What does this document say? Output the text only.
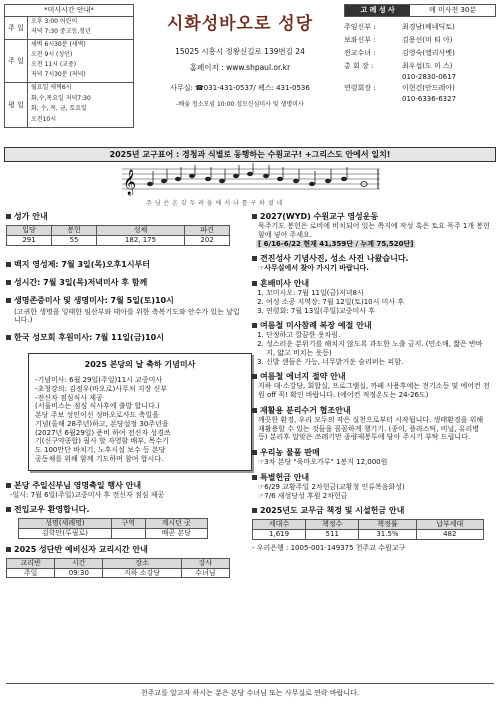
*미사시간 안내*
주 일
오후 3:00 어린이
저녁 7:30 중고등,청년
주 일
새벽 6시30분 (새벽)
오전 9시 (성인)
오전 11시 (교중)
저녁 7시30분 (저녁)
평 일
월요일 새벽6시
화,수,목요일 저녁7:30
화, 수, 목, 금, 토요일
오전10시
시화성바오로 성당
15025 시흥시 정왕신길로 139번길 24
홈페이지 : www.shpaul.or.kr
사무실: ☎031-431-0537/ 팩스: 431-0536
-배움 청소모임 10:00 성모신심미사 및 생명미사
고 례 성 사	매 미사전 30분
주임신부 :	최경남(베네딕토)
보좌신부 :	김용선(미 티 아)
전교수녀 :	김영숙(엘리사벳)
총 회 장 :	최우섭(도 미 스)
010-2830-0617
연령회장 :	이현건(안드레아)
010-6336-6327
2025년 교구표어 : 경청과 식별로 동행하는 수원교구! +그리스도 안에서 일치!
𝄞
주 님 은 온 갖 두 려 움 에 서 나 를 구 하 셨 네
성가 안내
입당	봉헌	성체	파견
291	55	182, 175	202
백지 영성제: 7월 3일(목)오후1시부터
성시간: 7월 3일(목)저녁미사 후 함께
생명존중미사 및 생명미사: 7월 5일(토)10시
(고귀한 생명을 잉태한 임산부와 태아를 위한 축복기도와 안수가 있는 날입니다.)
한국 성모회 후원미사: 7월 11일(금)10시
2025 본당의 날 축하 기념미사
-기념미사: 6월 29일(주일)11시 교중미사
-초청강의: 김정우(바오로)사무처 지장 신부
-전신자 점심식사 제공
(서울비스는 점심 식사후에 출발 합니다.)
본당 주보 성인이신 성바오로사도 축일을
기념(올해 28주년)하고, 본당설정 30주년을
(2027년 6월29일) 준비 하여 전신자 성경쓰
기(신구약종합) 필사 할 자영함 배부, 목수기
도 100만단 바치기, 노후시설 보수 등 본당
공동체를 위해 함께 기도하며 참여 합시다.
본당 주일신부님 영명축일 행사 안내
-일시: 7월 6일(주일)교중미사 후 전신자 점심 제공
전입교우 환영합니다.
성명(세례명)	구역	계시던 곳
김학만(루필로)		배곧 본당
2025 성단반 예비신자 교리시간 안내
교리반	시간	장소	강사
주일	09:30	지하 소강당	수녀님
2027(WYD) 수원교구 영성운동
묵주기도 봉헌은 로비에 비치되어 있는 쪽지에 작성 혹은 토요 묵주 1개 봉헌함에 넣어 주세요.
[ 6/16-6/22 현재 41,359단 / 누계 75,520단]
견진성사 기념사진, 성소 사진 나왔습니다.
☞사무실에서 찾아 가시기 바랍니다.
혼배미사 안내
1. 꼬미시오: 7월 11일(금)저녁8시
2. 여성 소공 지역장: 7월 12일(토)10시 미사 후
3. 연령회: 7월 13일(주일)교중미사 후
여름철 미사참례 복장 예절 안내
1. 단정하고 깔끔한 옷차림.
2. 성스러운 분위기를 해치지 않도록 과도한 노출 금지. (민소매, 짧은 반바지, 얇고 비치는 옷등)
3. 신발 샌들은 가능, 너무밝거운 슬리퍼는 피함.
여름철 에너지 절약 안내
지하 대·소강당, 회합실, 프로그램실, 까페 사용후에는 전기소등 및 에어컨 전원 off 꼭! 확인 바랍니다. (에어컨 적정온도는 24-26도)
재활용 분리수거 협조안내
깨끗한 환경, 우리 모두의 작은 실천으로부터 시작됩니다. 생태환경을 위해 재활용할 수 있는 것들을 꼼꼼하게 챙기기. (종이, 플라스틱, 비닐, 유리병 등) 분리후 알맞은 쓰레기만 종량제봉투에 담아 주시기 부탁 드립니다.
우리농 물품 판매
☞3차 본당 "육마오가루" 1봉지 12,000원
특별헌금 안내
☞6/29 교황주일 2차헌금(교황청 인류복음화성)
☞7/6 새성당성 후원 2차헌금
2025년도 교무금 책정 및 시설헌금 안내
세대수	책정수	책정률	납부세대
1,619	511	31.5%	482
- 우리은행 : 1005-001-149375 천주교 수원교구
천주교를 알고자 하시는 분은 본당 수녀님 또는 사무실로 연락 바랍니다.
